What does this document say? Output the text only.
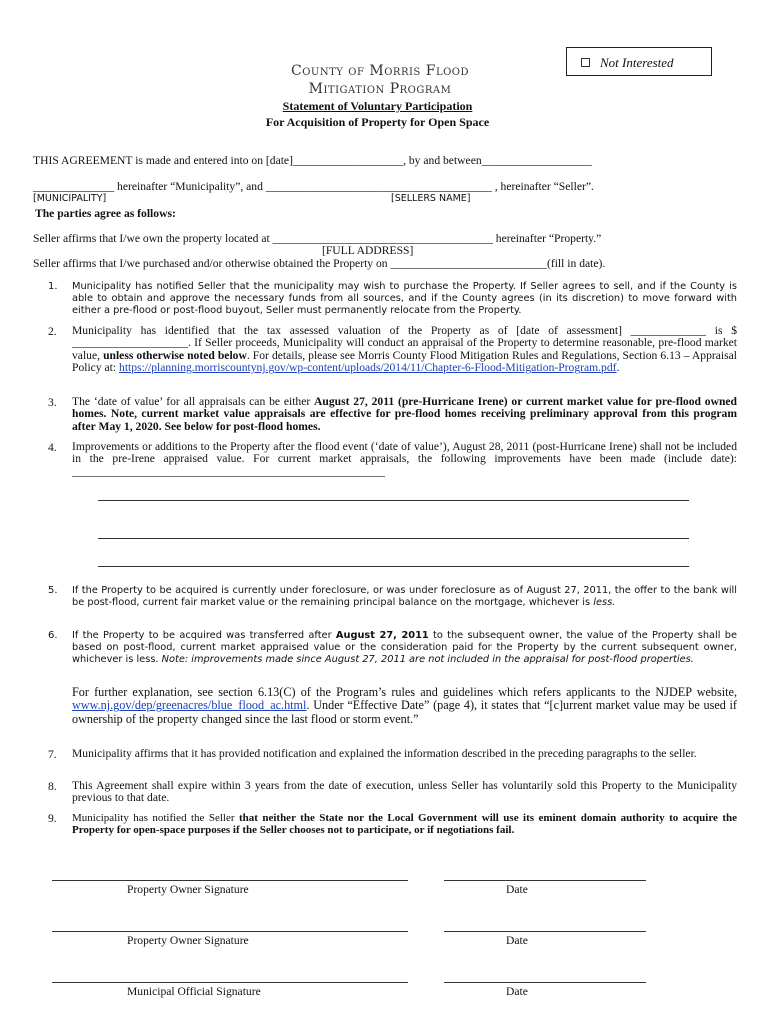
Not Interested
County of Morris Flood
Mitigation Program
Statement of Voluntary Participation
For Acquisition of Property for Open Space
THIS AGREEMENT is made and entered into on [date]___________________, by and between___________________
______________ hereinafter “Municipality”, and _______________________________________ , hereinafter “Seller”.
[MUNICIPALITY]	[SELLERS NAME]
The parties agree as follows:
Seller affirms that I/we own the property located at ______________________________________ hereinafter “Property.”
[FULL ADDRESS]
Seller affirms that I/we purchased and/or otherwise obtained the Property on ___________________________(fill in date).
1. Municipality has notified Seller that the municipality may wish to purchase the Property. If Seller agrees to sell, and if the County is able to obtain and approve the necessary funds from all sources, and if the County agrees (in its discretion) to move forward with either a pre-flood or post-flood buyout, Seller must permanently relocate from the Property.
2. Municipality has identified that the tax assessed valuation of the Property as of [date of assessment] _____________ is $ ____________________. If Seller proceeds, Municipality will conduct an appraisal of the Property to determine reasonable, pre-flood market value, unless otherwise noted below. For details, please see Morris County Flood Mitigation Rules and Regulations, Section 6.13 – Appraisal Policy at: https://planning.morriscountynj.gov/wp-content/uploads/2014/11/Chapter-6-Flood-Mitigation-Program.pdf.
3. The ‘date of value’ for all appraisals can be either August 27, 2011 (pre-Hurricane Irene) or current market value for pre-flood owned homes. Note, current market value appraisals are effective for pre-flood homes receiving preliminary approval from this program after May 1, 2020. See below for post-flood homes.
4. Improvements or additions to the Property after the flood event (‘date of value’), August 28, 2011 (post-Hurricane Irene) shall not be included in the pre-Irene appraised value. For current market appraisals, the following improvements have been made (include date): ______________________________________________________
5. If the Property to be acquired is currently under foreclosure, or was under foreclosure as of August 27, 2011, the offer to the bank will be post-flood, current fair market value or the remaining principal balance on the mortgage, whichever is less.
6. If the Property to be acquired was transferred after August 27, 2011 to the subsequent owner, the value of the Property shall be based on post-flood, current market appraised value or the consideration paid for the Property by the current subsequent owner, whichever is less. Note: improvements made since August 27, 2011 are not included in the appraisal for post-flood properties.
For further explanation, see section 6.13(C) of the Program’s rules and guidelines which refers applicants to the NJDEP website, www.nj.gov/dep/greenacres/blue_flood_ac.html. Under “Effective Date” (page 4), it states that “[c]urrent market value may be used if ownership of the property changed since the last flood or storm event.”
7. Municipality affirms that it has provided notification and explained the information described in the preceding paragraphs to the seller.
8. This Agreement shall expire within 3 years from the date of execution, unless Seller has voluntarily sold this Property to the Municipality previous to that date.
9. Municipality has notified the Seller that neither the State nor the Local Government will use its eminent domain authority to acquire the Property for open-space purposes if the Seller chooses not to participate, or if negotiations fail.
Property Owner Signature	Date
Property Owner Signature	Date
Municipal Official Signature	Date
